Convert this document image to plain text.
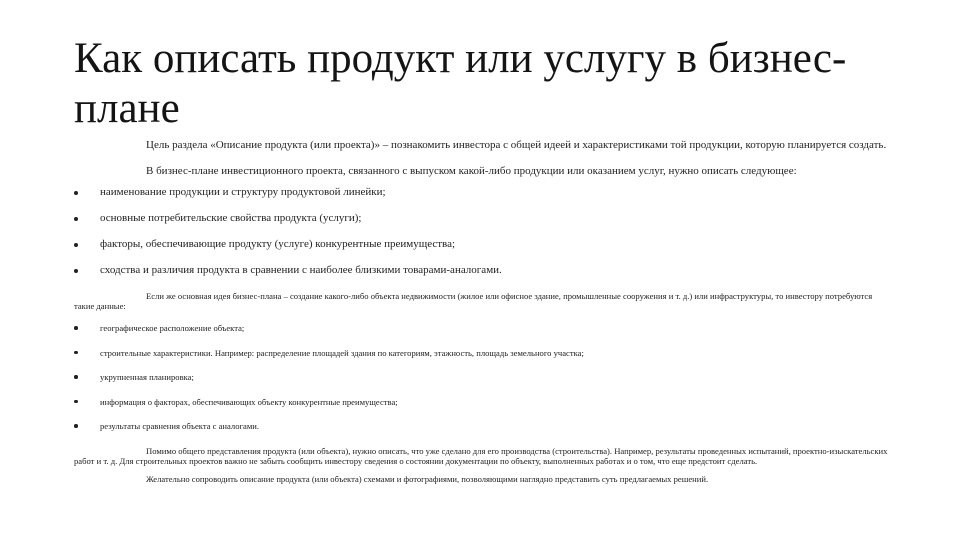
Как описать продукт или услугу в бизнес-плане

Цель раздела «Описание продукта (или проекта)» – познакомить инвестора с общей идеей и характеристиками той продукции, которую планируется создать.

В бизнес-плане инвестиционного проекта, связанного с выпуском какой-либо продукции или оказанием услуг, нужно описать следующее:

наименование продукции и структуру продуктовой линейки;
основные потребительские свойства продукта (услуги);
факторы, обеспечивающие продукту (услуге) конкурентные преимущества;
сходства и различия продукта в сравнении с наиболее близкими товарами-аналогами.

Если же основная идея бизнес-плана – создание какого-либо объекта недвижимости (жилое или офисное здание, промышленные сооружения и т. д.) или инфраструктуры, то инвестору потребуются такие данные:

географическое расположение объекта;
строительные характеристики. Например: распределение площадей здания по категориям, этажность, площадь земельного участка;
укрупненная планировка;
информация о факторах, обеспечивающих объекту конкурентные преимущества;
результаты сравнения объекта с аналогами.

Помимо общего представления продукта (или объекта), нужно описать, что уже сделано для его производства (строительства). Например, результаты проведенных испытаний, проектно-изыскательских работ и т. д. Для строительных проектов важно не забыть сообщить инвестору сведения о состоянии документации по объекту, выполненных работах и о том, что еще предстоит сделать.

Желательно сопроводить описание продукта (или объекта) схемами и фотографиями, позволяющими наглядно представить суть предлагаемых решений.
